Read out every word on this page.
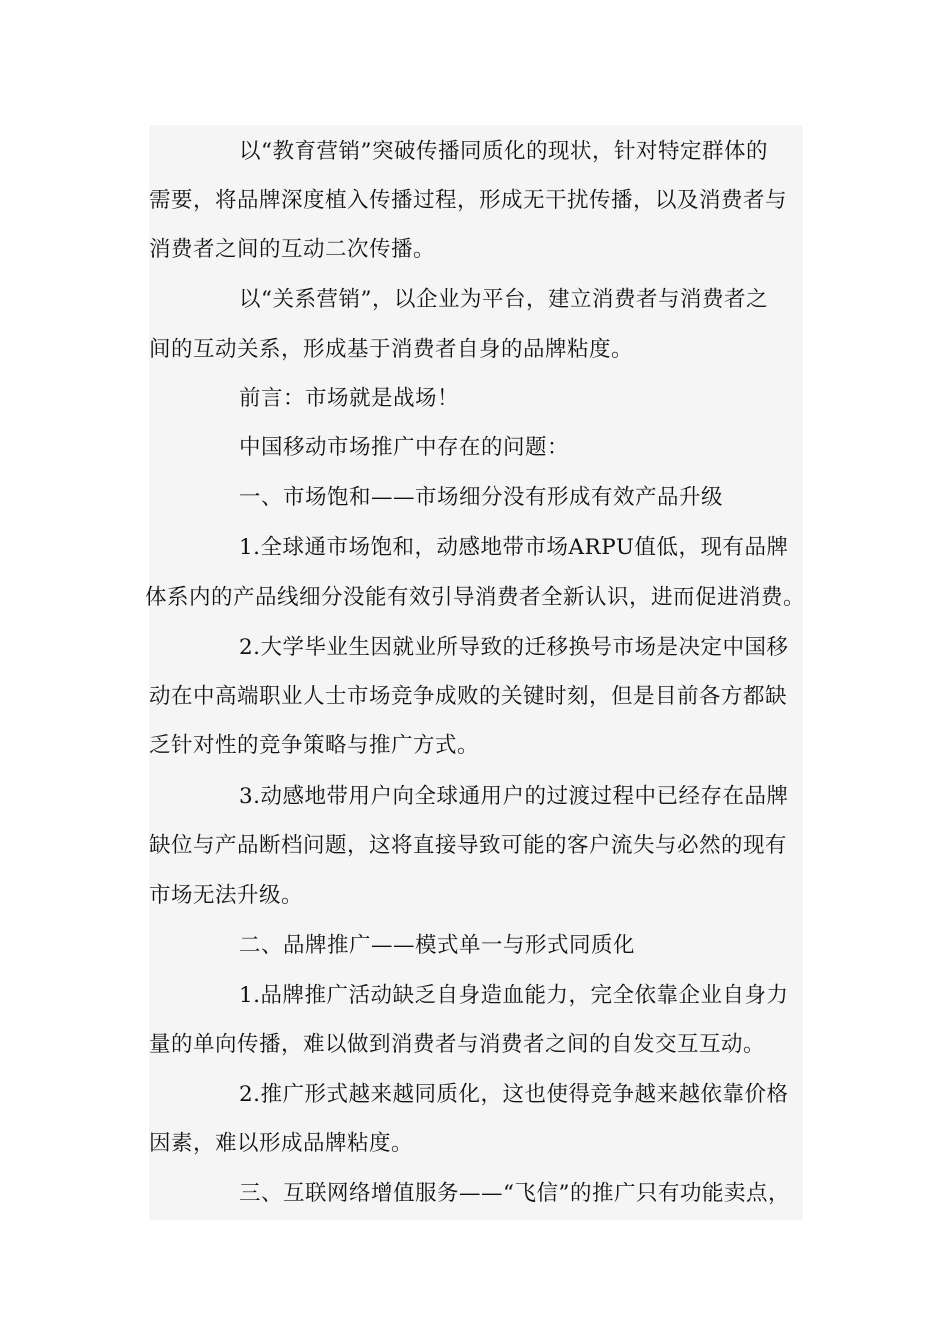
以“教育营销”突破传播同质化的现状，针对特定群体的
需要，将品牌深度植入传播过程，形成无干扰传播，以及消费者与
消费者之间的互动二次传播。
以“关系营销”，以企业为平台，建立消费者与消费者之
间的互动关系，形成基于消费者自身的品牌粘度。
前言：市场就是战场！
中国移动市场推广中存在的问题：
一、市场饱和——市场细分没有形成有效产品升级
1.全球通市场饱和，动感地带市场ARPU值低，现有品牌
体系内的产品线细分没能有效引导消费者全新认识，进而促进消费。
2.大学毕业生因就业所导致的迁移换号市场是决定中国移
动在中高端职业人士市场竞争成败的关键时刻，但是目前各方都缺
乏针对性的竞争策略与推广方式。
3.动感地带用户向全球通用户的过渡过程中已经存在品牌
缺位与产品断档问题，这将直接导致可能的客户流失与必然的现有
市场无法升级。
二、品牌推广——模式单一与形式同质化
1.品牌推广活动缺乏自身造血能力，完全依靠企业自身力
量的单向传播，难以做到消费者与消费者之间的自发交互互动。
2.推广形式越来越同质化，这也使得竞争越来越依靠价格
因素，难以形成品牌粘度。
三、互联网络增值服务——“飞信”的推广只有功能卖点，
